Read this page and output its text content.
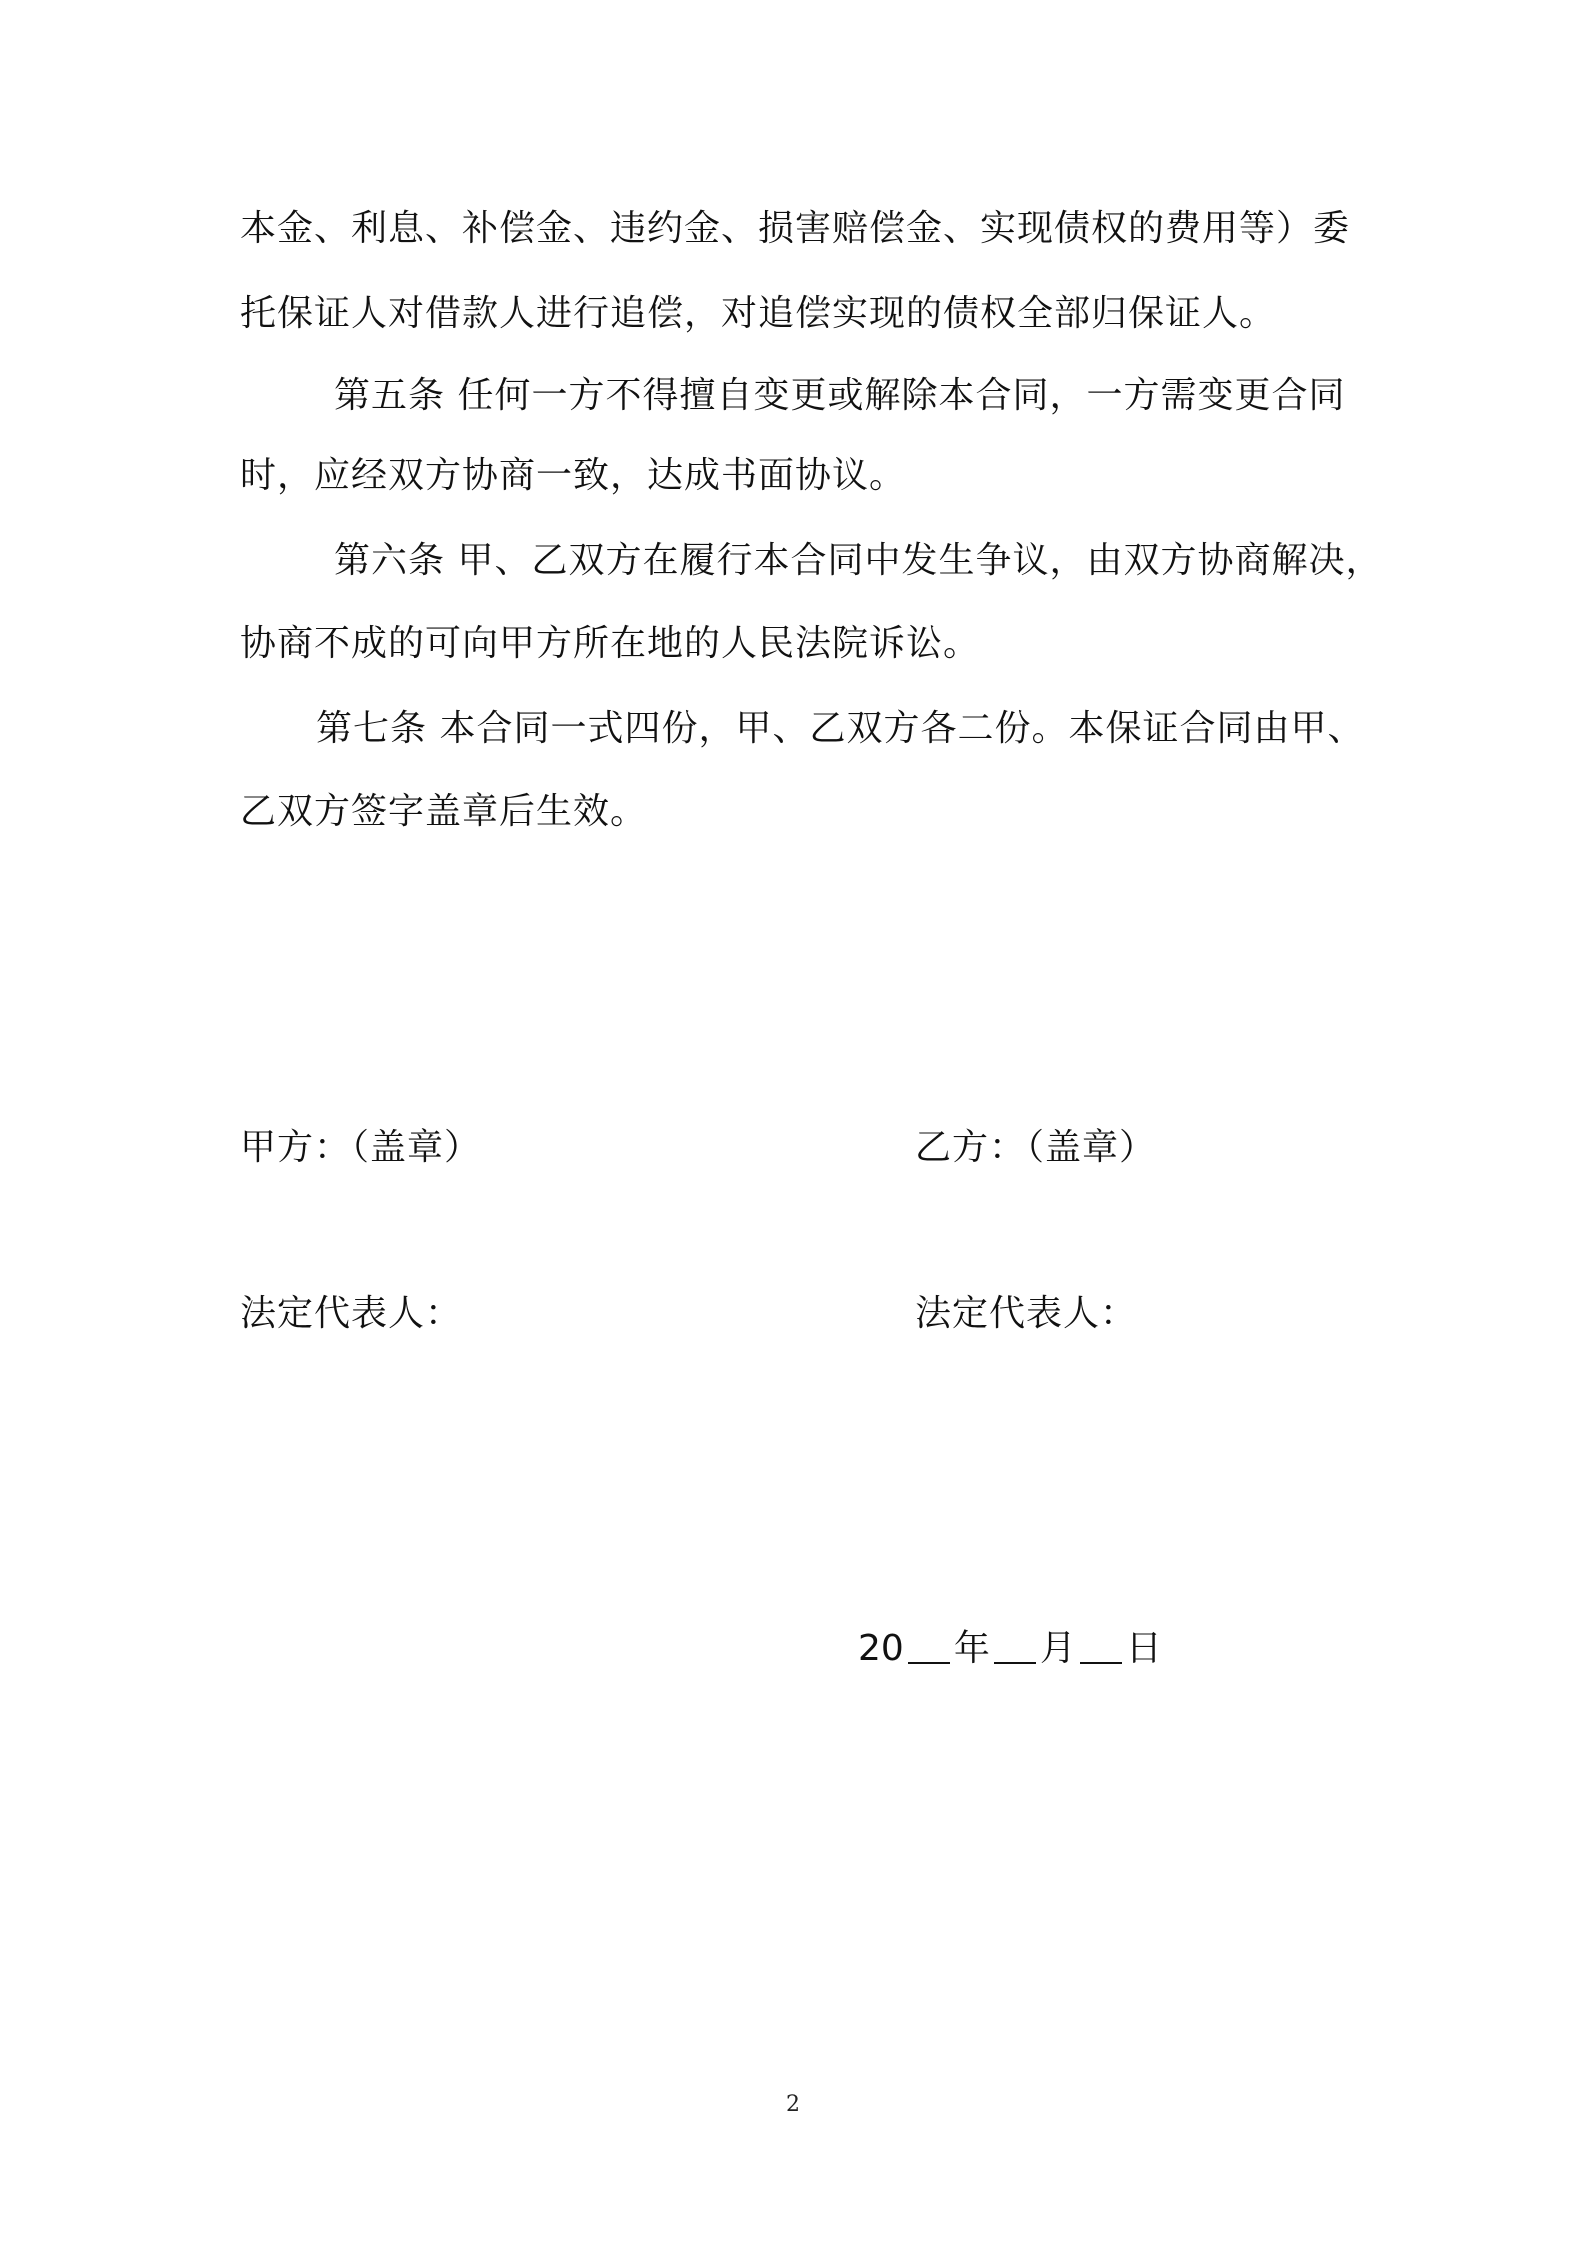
本金、利息、补偿金、违约金、损害赔偿金、实现债权的费用等）委
托保证人对借款人进行追偿，对追偿实现的债权全部归保证人。
第五条 任何一方不得擅自变更或解除本合同，一方需变更合同
时，应经双方协商一致，达成书面协议。
第六条 甲、乙双方在履行本合同中发生争议，由双方协商解决，
协商不成的可向甲方所在地的人民法院诉讼。
第七条 本合同一式四份，甲、乙双方各二份。本保证合同由甲、
乙双方签字盖章后生效。
甲方：（盖章）	乙方：（盖章）
法定代表人：	法定代表人：
20 年 月 日
2
